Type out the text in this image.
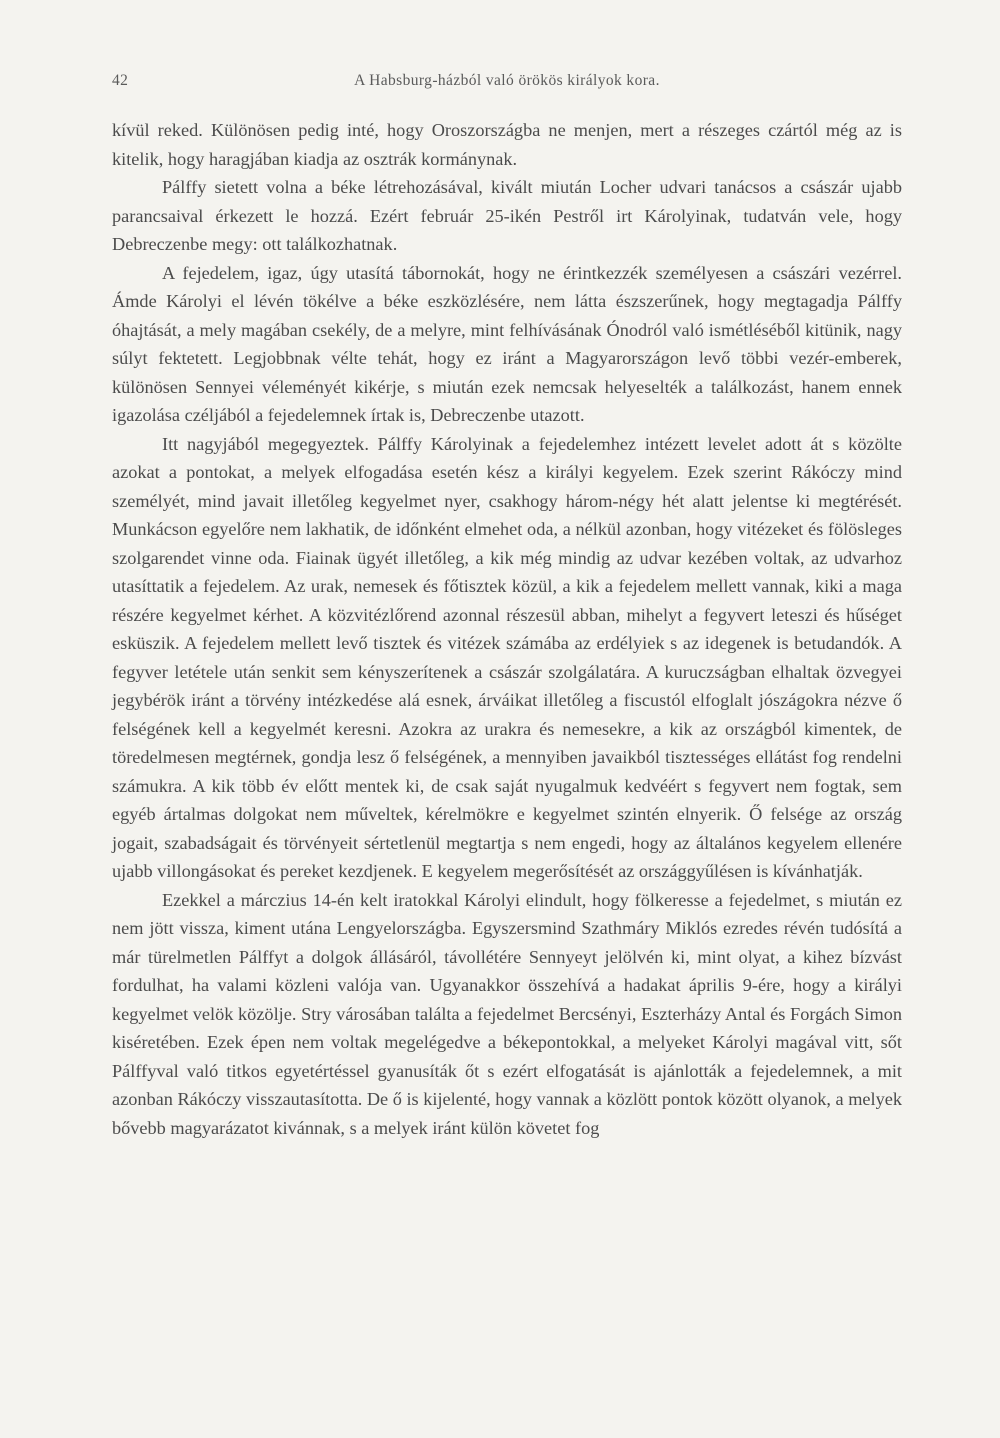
42	A Habsburg-házból való örökös királyok kora.

kívül reked. Különösen pedig inté, hogy Oroszországba ne menjen, mert a részeges czártól még az is kitelik, hogy haragjában kiadja az osztrák kormánynak.

Pálffy sietett volna a béke létrehozásával, kivált miután Locher udvari tanácsos a császár ujabb parancsaival érkezett le hozzá. Ezért február 25-ikén Pestről irt Károlyinak, tudatván vele, hogy Debreczenbe megy: ott találkozhatnak.

A fejedelem, igaz, úgy utasítá tábornokát, hogy ne érintkezzék személyesen a császári vezérrel. Ámde Károlyi el lévén tökélve a béke eszközlésére, nem látta észszerűnek, hogy megtagadja Pálffy óhajtását, a mely magában csekély, de a melyre, mint felhívásának Ónodról való ismétléséből kitünik, nagy súlyt fektetett. Legjobbnak vélte tehát, hogy ez iránt a Magyarországon levő többi vezér-emberek, különösen Sennyei véleményét kikérje, s miután ezek nemcsak helyeselték a találkozást, hanem ennek igazolása czéljából a fejedelemnek írtak is, Debreczenbe utazott.

Itt nagyjából megegyeztek. Pálffy Károlyinak a fejedelemhez intézett levelet adott át s közölte azokat a pontokat, a melyek elfogadása esetén kész a királyi kegyelem. Ezek szerint Rákóczy mind személyét, mind javait illetőleg kegyelmet nyer, csakhogy három-négy hét alatt jelentse ki megtérését. Munkácson egyelőre nem lakhatik, de időnként elmehet oda, a nélkül azonban, hogy vitézeket és fölösleges szolgarendet vinne oda. Fiainak ügyét illetőleg, a kik még mindig az udvar kezében voltak, az udvarhoz utasíttatik a fejedelem. Az urak, nemesek és főtisztek közül, a kik a fejedelem mellett vannak, kiki a maga részére kegyelmet kérhet. A közvitézlőrend azonnal részesül abban, mihelyt a fegyvert leteszi és hűséget esküszik. A fejedelem mellett levő tisztek és vitézek számába az erdélyiek s az idegenek is betudandók. A fegyver letétele után senkit sem kényszerítenek a császár szolgálatára. A kuruczságban elhaltak özvegyei jegybérök iránt a törvény intézkedése alá esnek, árváikat illetőleg a fiscustól elfoglalt jószágokra nézve ő felségének kell a kegyelmét keresni. Azokra az urakra és nemesekre, a kik az országból kimentek, de töredelmesen megtérnek, gondja lesz ő felségének, a mennyiben javaikból tisztességes ellátást fog rendelni számukra. A kik több év előtt mentek ki, de csak saját nyugalmuk kedvéért s fegyvert nem fogtak, sem egyéb ártalmas dolgokat nem műveltek, kérelmökre e kegyelmet szintén elnyerik. Ő felsége az ország jogait, szabadságait és törvényeit sértetlenül megtartja s nem engedi, hogy az általános kegyelem ellenére ujabb villongásokat és pereket kezdjenek. E kegyelem megerősítését az országgyűlésen is kívánhatják.

Ezekkel a márczius 14-én kelt iratokkal Károlyi elindult, hogy fölkeresse a fejedelmet, s miután ez nem jött vissza, kiment utána Lengyelországba. Egyszersmind Szathmáry Miklós ezredes révén tudósítá a már türelmetlen Pálffyt a dolgok állásáról, távollétére Sennyeyt jelölvén ki, mint olyat, a kihez bízvást fordulhat, ha valami közleni valója van. Ugyanakkor összehívá a hadakat április 9-ére, hogy a királyi kegyelmet velök közölje. Stry városában találta a fejedelmet Bercsényi, Eszterházy Antal és Forgách Simon kiséretében. Ezek épen nem voltak megelégedve a békepontokkal, a melyeket Károlyi magával vitt, sőt Pálffyval való titkos egyetértéssel gyanusíták őt s ezért elfogatását is ajánlották a fejedelemnek, a mit azonban Rákóczy visszautasította. De ő is kijelenté, hogy vannak a közlött pontok között olyanok, a melyek bővebb magyarázatot kivánnak, s a melyek iránt külön követet fog
